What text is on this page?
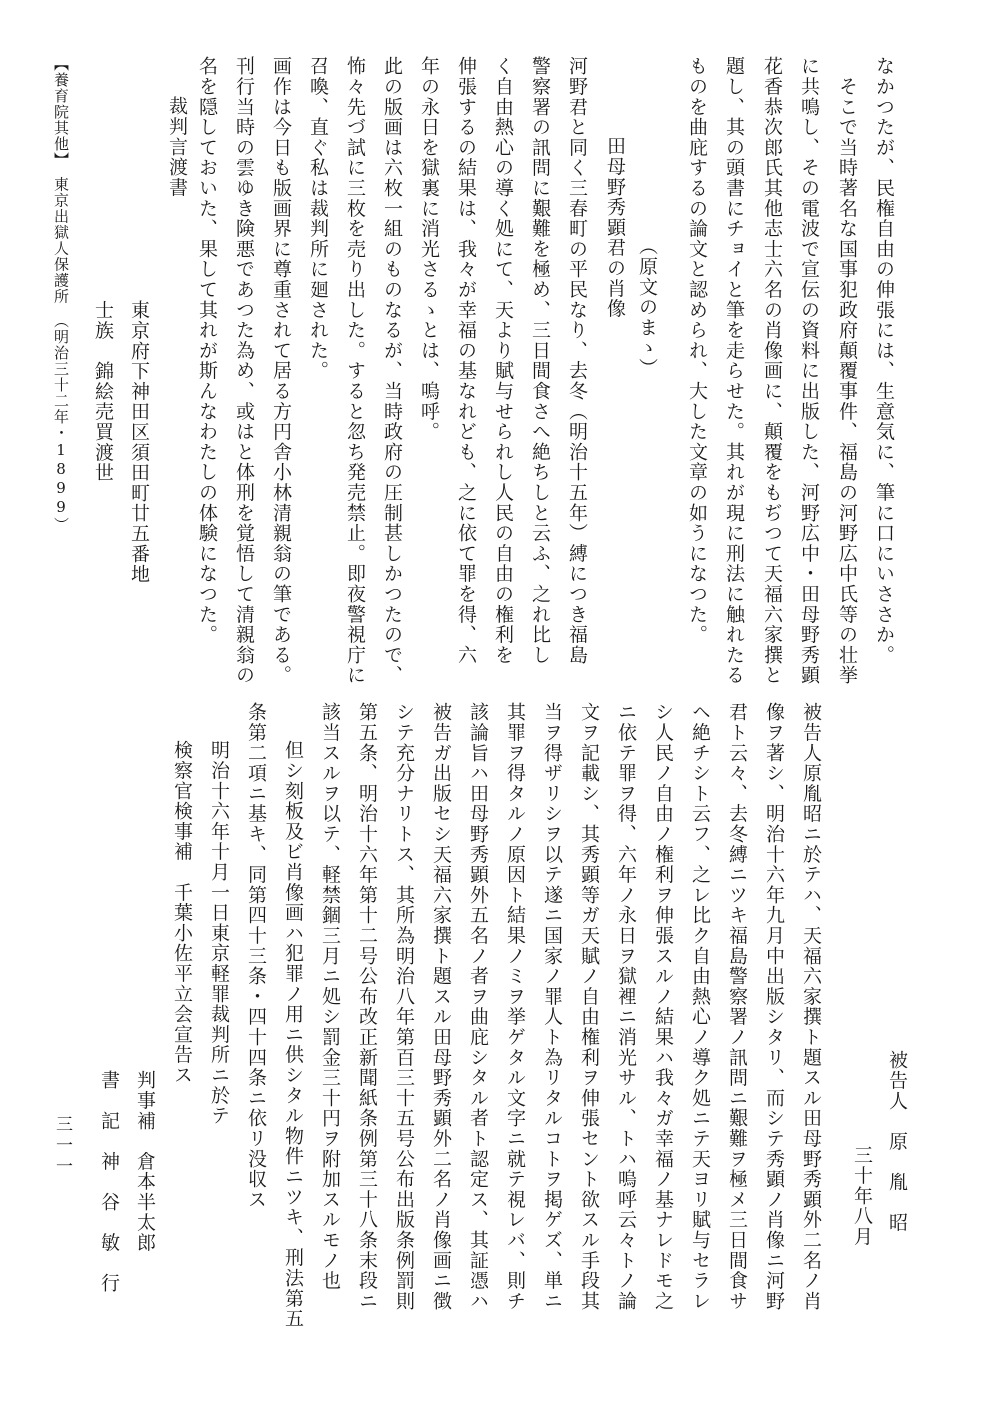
なかつたが、民権自由の伸張には、生意気に、筆に口にいささか。
　そこで当時著名な国事犯政府顛覆事件、福島の河野広中氏等の壮挙
に共鳴し、その電波で宣伝の資料に出版した、河野広中・田母野秀顕
花香恭次郎氏其他志士六名の肖像画に、顛覆をもぢつて天福六家撰と
題し、其の頭書にチョイと筆を走らせた。其れが現に刑法に触れたる
ものを曲庇するの論文と認められ、大した文章の如うになつた。
（原文のまゝ）
田母野秀顕君の肖像
河野君と同く三春町の平民なり、去冬（明治十五年）縛につき福島
警察署の訊問に艱難を極め、三日間食さへ絶ちしと云ふ、之れ比し
く自由熱心の導く処にて、天より賦与せられし人民の自由の権利を
伸張するの結果は、我々が幸福の基なれども、之に依て罪を得、六
年の永日を獄裏に消光さるゝとは、嗚呼。
此の版画は六枚一組のものなるが、当時政府の圧制甚しかつたので、
怖々先づ試に三枚を売り出した。すると忽ち発売禁止。即夜警視庁に
召喚、直ぐ私は裁判所に廻された。
画作は今日も版画界に尊重されて居る方円舎小林清親翁の筆である。
刊行当時の雲ゆき険悪であつた為め、或はと体刑を覚悟して清親翁の
名を隠しておいた、果して其れが斯んなわたしの体験になつた。
裁判言渡書
東京府下神田区須田町廿五番地
士族　錦絵売買渡世
【養育院其他】　東京出獄人保護所　（明治三十二年・1899）
被告人　原　胤　昭
三十年八月
被告人原胤昭ニ於テハ、天福六家撰ト題スル田母野秀顕外二名ノ肖
像ヲ著シ、明治十六年九月中出版シタリ、而シテ秀顕ノ肖像ニ河野
君ト云々、去冬縛ニツキ福島警察署ノ訊問ニ艱難ヲ極メ三日間食サ
ヘ絶チシト云フ、之レ比ク自由熱心ノ導ク処ニテ天ヨリ賦与セラレ
シ人民ノ自由ノ権利ヲ伸張スルノ結果ハ我々ガ幸福ノ基ナレドモ之
ニ依テ罪ヲ得、六年ノ永日ヲ獄裡ニ消光サル、トハ嗚呼云々トノ論
文ヲ記載シ、其秀顕等ガ天賦ノ自由権利ヲ伸張セント欲スル手段其
当ヲ得ザリシヲ以テ遂ニ国家ノ罪人ト為リタルコトヲ掲ゲズ、単ニ
其罪ヲ得タルノ原因ト結果ノミヲ挙ゲタル文字ニ就テ視レバ、則チ
該論旨ハ田母野秀顕外五名ノ者ヲ曲庇シタル者ト認定ス、其証憑ハ
被告ガ出版セシ天福六家撰ト題スル田母野秀顕外二名ノ肖像画ニ徴
シテ充分ナリトス、其所為明治八年第百三十五号公布出版条例罰則
第五条、明治十六年第十二号公布改正新聞紙条例第三十八条末段ニ
該当スルヲ以テ、軽禁錮三月ニ処シ罰金三十円ヲ附加スルモノ也
但シ刻板及ビ肖像画ハ犯罪ノ用ニ供シタル物件ニツキ、刑法第五
条第二項ニ基キ、同第四十三条・四十四条ニ依リ没収ス
明治十六年十月一日東京軽罪裁判所ニ於テ
検察官検事補　千葉小佐平立会宣告ス
判事補　倉本半太郎
書　記　神　谷　敏　行
三一一
